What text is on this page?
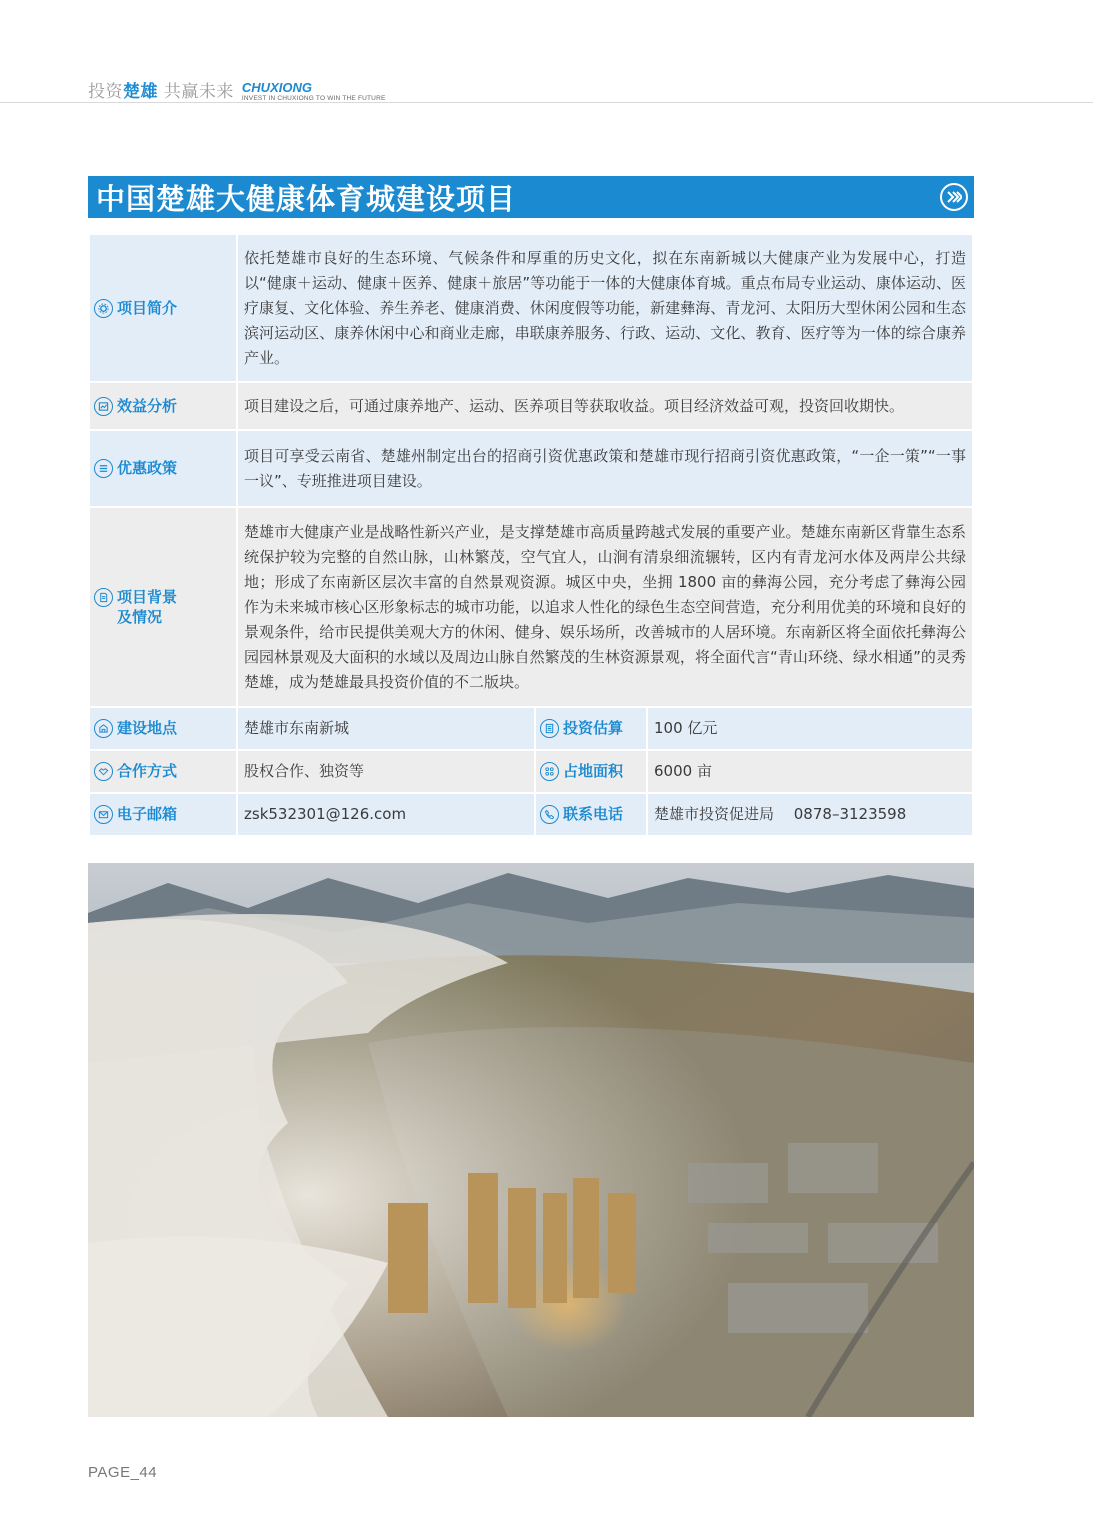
投资楚雄 共赢未来 CHUXIONG
INVEST IN CHUXIONG TO WIN THE FUTURE
中国楚雄大健康体育城建设项目
项目简介	依托楚雄市良好的生态环境、气候条件和厚重的历史文化，拟在东南新城以大健康产业为发展中心，打造以“健康＋运动、健康＋医养、健康＋旅居”等功能于一体的大健康体育城。重点布局专业运动、康体运动、医疗康复、文化体验、养生养老、健康消费、休闲度假等功能，新建彝海、青龙河、太阳历大型休闲公园和生态滨河运动区、康养休闲中心和商业走廊，串联康养服务、行政、运动、文化、教育、医疗等为一体的综合康养产业。		

效益分析	项目建设之后，可通过康养地产、运动、医养项目等获取收益。项目经济效益可观，投资回收期快。		

优惠政策	项目可享受云南省、楚雄州制定出台的招商引资优惠政策和楚雄市现行招商引资优惠政策，“一企一策”“一事一议”、专班推进项目建设。		

项目背景
及情况	楚雄市大健康产业是战略性新兴产业，是支撑楚雄市高质量跨越式发展的重要产业。楚雄东南新区背靠生态系统保护较为完整的自然山脉，山林繁茂，空气宜人，山涧有清泉细流辗转，区内有青龙河水体及两岸公共绿地；形成了东南新区层次丰富的自然景观资源。城区中央，坐拥 1800 亩的彝海公园，充分考虑了彝海公园作为未来城市核心区形象标志的城市功能，以追求人性化的绿色生态空间营造，充分利用优美的环境和良好的景观条件，给市民提供美观大方的休闲、健身、娱乐场所，改善城市的人居环境。东南新区将全面依托彝海公园园林景观及大面积的水域以及周边山脉自然繁茂的生林资源景观，将全面代言“青山环绕、绿水相通”的灵秀楚雄，成为楚雄最具投资价值的不二版块。		

建设地点	楚雄市东南新城	投资估算	100 亿元

合作方式	股权合作、独资等	占地面积	6000 亩

电子邮箱	zsk532301@126.com	联系电话	楚雄市投资促进局　 0878–3123598
PAGE_44
